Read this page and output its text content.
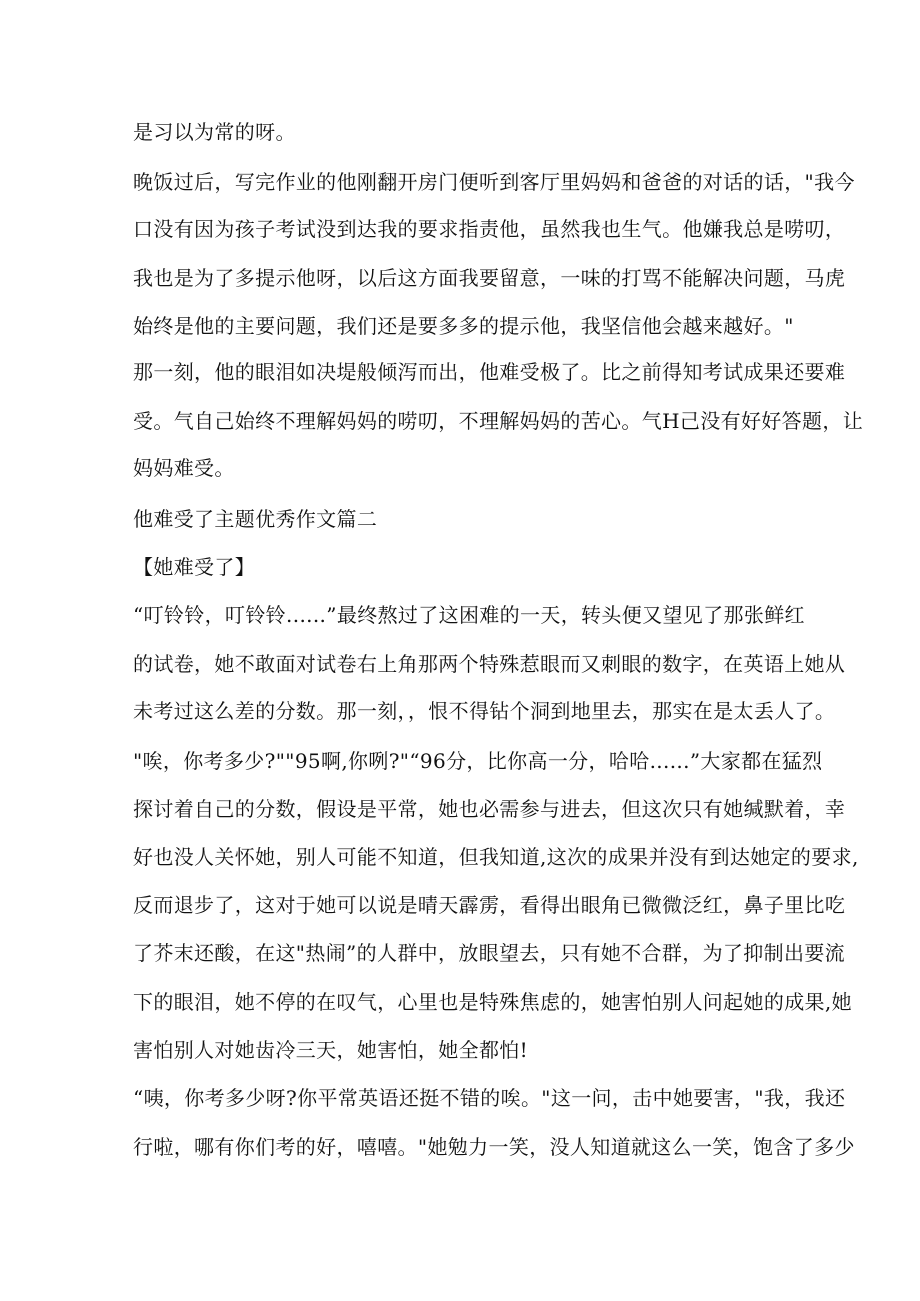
是习以为常的呀。
晚饭过后，写完作业的他刚翻开房门便听到客厅里妈妈和爸爸的对话的话，"我今
口没有因为孩子考试没到达我的要求指责他，虽然我也生气。他嫌我总是唠叨，
我也是为了多提示他呀，以后这方面我要留意，一味的打骂不能解决问题，马虎
始终是他的主要问题，我们还是要多多的提示他，我坚信他会越来越好。"
那一刻，他的眼泪如决堤般倾泻而出，他难受极了。比之前得知考试成果还要难
受。气自己始终不理解妈妈的唠叨，不理解妈妈的苦心。气H己没有好好答题，让
妈妈难受。
他难受了主题优秀作文篇二
【她难受了】
“叮铃铃，叮铃铃......”最终熬过了这困难的一天，转头便又望见了那张鲜红
的试卷，她不敢面对试卷右上角那两个特殊惹眼而又刺眼的数字，在英语上她从
未考过这么差的分数。那一刻，，恨不得钻个洞到地里去，那实在是太丢人了。
"唉，你考多少?""95啊,你咧?"“96分，比你高一分，哈哈......”大家都在猛烈
探讨着自己的分数，假设是平常，她也必需参与进去，但这次只有她缄默着，幸
好也没人关怀她，别人可能不知道，但我知道,这次的成果并没有到达她定的要求,
反而退步了，这对于她可以说是晴天霹雳，看得出眼角已微微泛红，鼻子里比吃
了芥末还酸，在这"热闹”的人群中，放眼望去，只有她不合群，为了抑制出要流
下的眼泪，她不停的在叹气，心里也是特殊焦虑的，她害怕别人问起她的成果,她
害怕别人对她齿冷三天，她害怕，她全都怕!
“咦，你考多少呀?你平常英语还挺不错的唉。"这一问，击中她要害，"我，我还
行啦，哪有你们考的好，嘻嘻。"她勉力一笑，没人知道就这么一笑，饱含了多少
